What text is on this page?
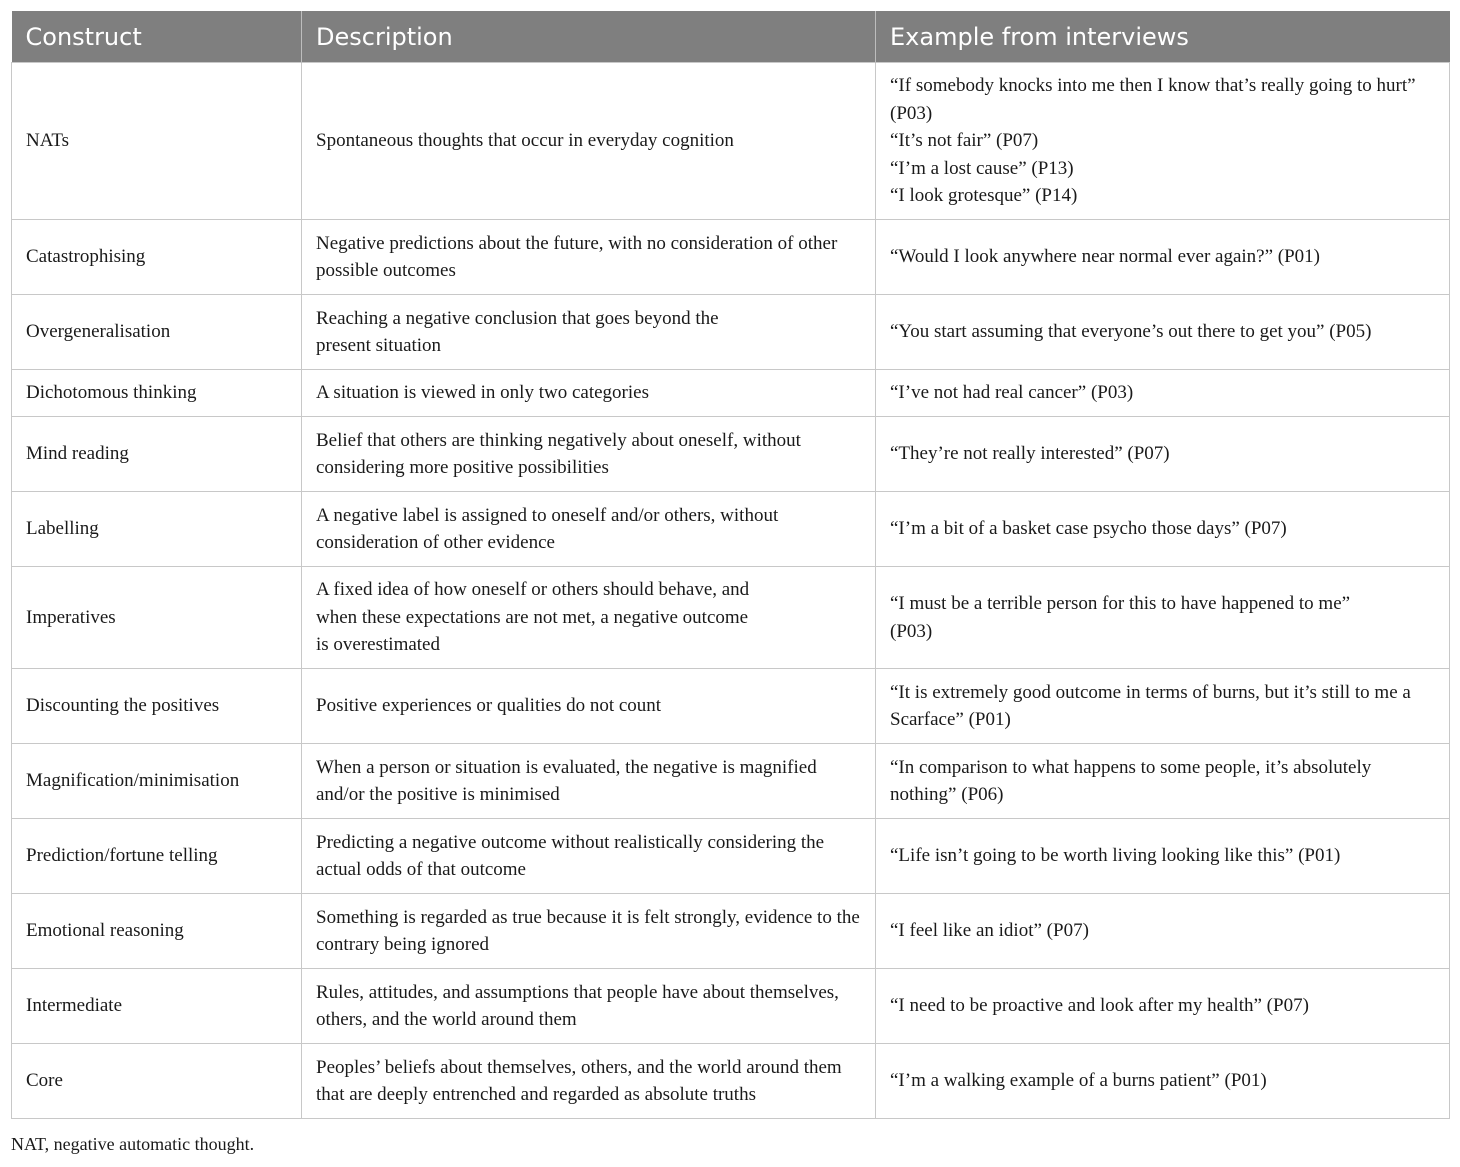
Construct	Description	Example from interviews
NATs	Spontaneous thoughts that occur in everyday cognition	“If somebody knocks into me then I know that’s really going to hurt” (P03)
“It’s not fair” (P07)
“I’m a lost cause” (P13)
“I look grotesque” (P14)

Catastrophising	Negative predictions about the future, with no consideration of other possible outcomes	“Would I look anywhere near normal ever again?” (P01)
Overgeneralisation	Reaching a negative conclusion that goes beyond the present situation	“You start assuming that everyone’s out there to get you” (P05)
Dichotomous thinking	A situation is viewed in only two categories	“I’ve not had real cancer” (P03)
Mind reading	Belief that others are thinking negatively about oneself, without considering more positive possibilities	“They’re not really interested” (P07)
Labelling	A negative label is assigned to oneself and/or others, without consideration of other evidence	“I’m a bit of a basket case psycho those days” (P07)
Imperatives	A fixed idea of how oneself or others should behave, and when these expectations are not met, a negative outcome is overestimated	“I must be a terrible person for this to have happened to me” (P03)
Discounting the positives	Positive experiences or qualities do not count	“It is extremely good outcome in terms of burns, but it’s still to me a Scarface” (P01)
Magnification/minimisation	When a person or situation is evaluated, the negative is magnified and/or the positive is minimised	“In comparison to what happens to some people, it’s absolutely nothing” (P06)
Prediction/fortune telling	Predicting a negative outcome without realistically considering the actual odds of that outcome	“Life isn’t going to be worth living looking like this” (P01)
Emotional reasoning	Something is regarded as true because it is felt strongly, evidence to the contrary being ignored	“I feel like an idiot” (P07)
Intermediate	Rules, attitudes, and assumptions that people have about themselves, others, and the world around them	“I need to be proactive and look after my health” (P07)
Core	Peoples’ beliefs about themselves, others, and the world around them that are deeply entrenched and regarded as absolute truths	“I’m a walking example of a burns patient” (P01)
NAT, negative automatic thought.
